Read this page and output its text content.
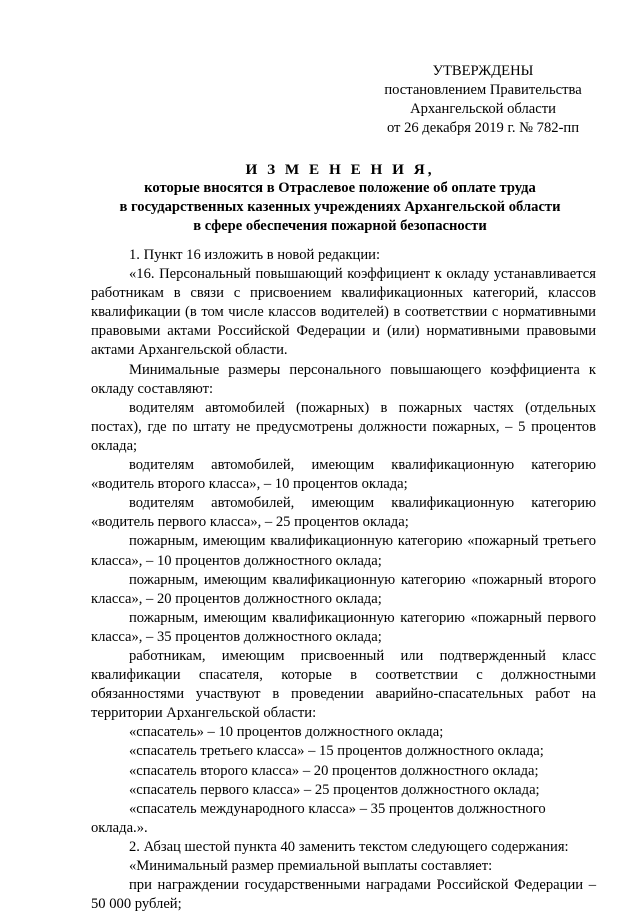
УТВЕРЖДЕНЫ
постановлением Правительства
Архангельской области
от 26 декабря 2019 г. № 782-пп
И З М Е Н Е Н И Я,
которые вносятся в Отраслевое положение об оплате труда
в государственных казенных учреждениях Архангельской области
в сфере обеспечения пожарной безопасности

1. Пункт 16 изложить в новой редакции:

«16. Персональный повышающий коэффициент к окладу устанавливается работникам в связи с присвоением квалификационных категорий, классов квалификации (в том числе классов водителей) в соответствии с нормативными правовыми актами Российской Федерации и (или) нормативными правовыми актами Архангельской области.

Минимальные размеры персонального повышающего коэффициента к окладу составляют:

водителям автомобилей (пожарных) в пожарных частях (отдельных постах), где по штату не предусмотрены должности пожарных, – 5 процентов оклада;

водителям автомобилей, имеющим квалификационную категорию «водитель второго класса», – 10 процентов оклада;

водителям автомобилей, имеющим квалификационную категорию «водитель первого класса», – 25 процентов оклада;

пожарным, имеющим квалификационную категорию «пожарный третьего класса», – 10 процентов должностного оклада;

пожарным, имеющим квалификационную категорию «пожарный второго класса», – 20 процентов должностного оклада;

пожарным, имеющим квалификационную категорию «пожарный первого класса», – 35 процентов должностного оклада;

работникам, имеющим присвоенный или подтвержденный класс квалификации спасателя, которые в соответствии с должностными обязанностями участвуют в проведении аварийно-спасательных работ на территории Архангельской области:

«спасатель» – 10 процентов должностного оклада;

«спасатель третьего класса» – 15 процентов должностного оклада;

«спасатель второго класса» – 20 процентов должностного оклада;

«спасатель первого класса» – 25 процентов должностного оклада;

«спасатель международного класса» – 35 процентов должностного оклада.».

2. Абзац шестой пункта 40 заменить текстом следующего содержания:

«Минимальный размер премиальной выплаты составляет:

при награждении государственными наградами Российской Федерации – 50 000 рублей;
